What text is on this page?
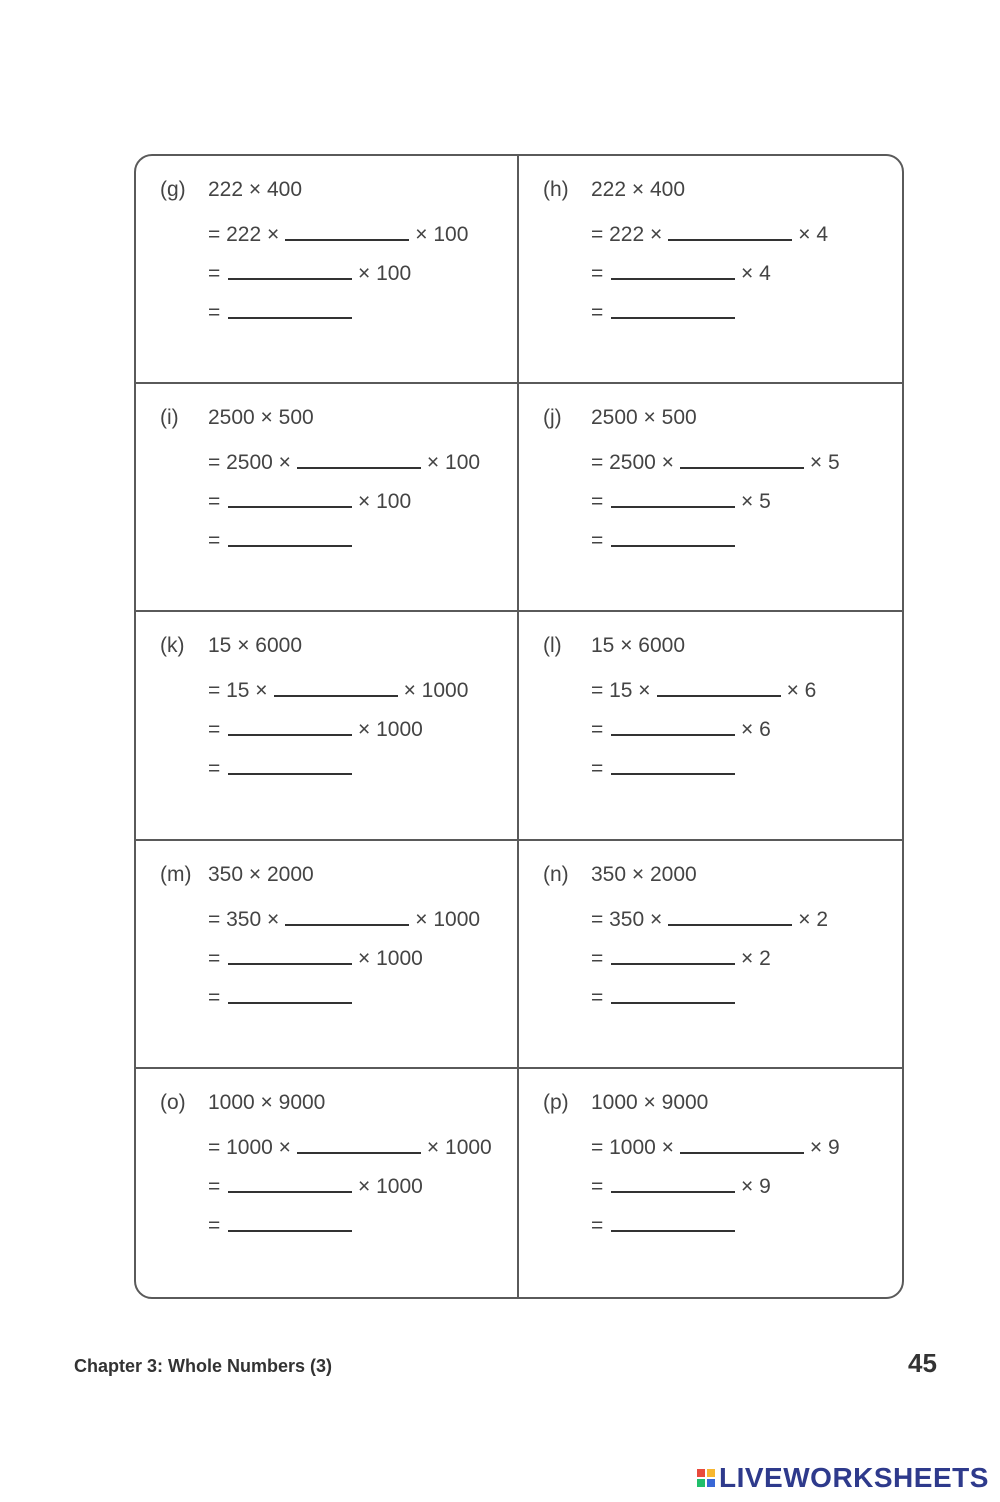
(g) 222 × 400
= 222 ×	× 100
=	× 100
=
(h) 222 × 400
= 222 ×	× 4
=	× 4
=
(i) 2500 × 500
= 2500 ×	× 100
=	× 100
=
(j) 2500 × 500
= 2500 ×	× 5
=	× 5
=
(k) 15 × 6000
= 15 ×	× 1000
=	× 1000
=
(l) 15 × 6000
= 15 ×	× 6
=	× 6
=
(m) 350 × 2000
= 350 ×	× 1000
=	× 1000
=
(n) 350 × 2000
= 350 ×	× 2
=	× 2
=
(o) 1000 × 9000
= 1000 ×	× 1000
=	× 1000
=
(p) 1000 × 9000
= 1000 ×	× 9
=	× 9
=
Chapter 3: Whole Numbers (3)	45
LIVEWORKSHEETS
